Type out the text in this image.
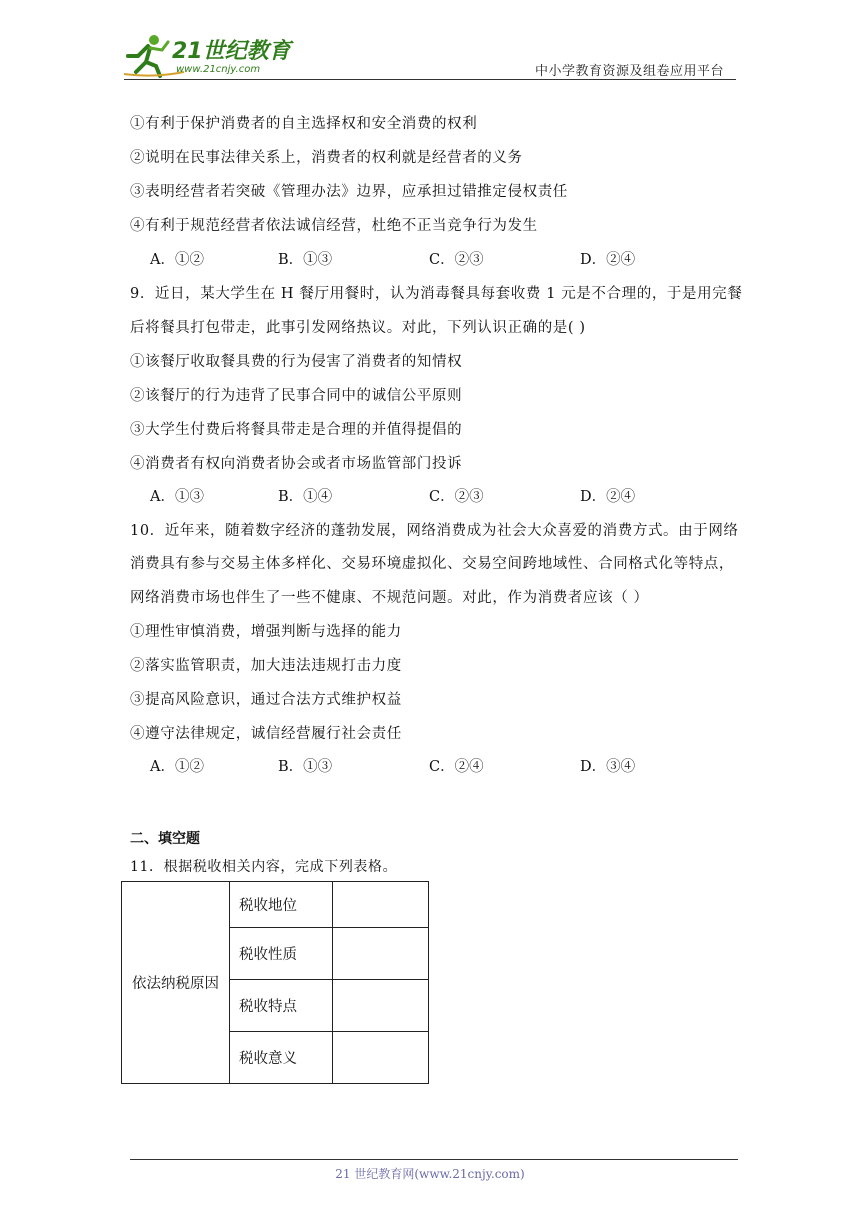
21世纪教育
www.21cnjy.com	中小学教育资源及组卷应用平台
①有利于保护消费者的自主选择权和安全消费的权利
②说明在民事法律关系上，消费者的权利就是经营者的义务
③表明经营者若突破《管理办法》边界，应承担过错推定侵权责任
④有利于规范经营者依法诚信经营，杜绝不正当竞争行为发生
A．①②	B．①③	C．②③	D．②④
9．近日，某大学生在 H 餐厅用餐时，认为消毒餐具每套收费 1 元是不合理的，于是用完餐
后将餐具打包带走，此事引发网络热议。对此，下列认识正确的是( )
①该餐厅收取餐具费的行为侵害了消费者的知情权
②该餐厅的行为违背了民事合同中的诚信公平原则
③大学生付费后将餐具带走是合理的并值得提倡的
④消费者有权向消费者协会或者市场监管部门投诉
A．①③	B．①④	C．②③	D．②④
10．近年来，随着数字经济的蓬勃发展，网络消费成为社会大众喜爱的消费方式。由于网络
消费具有参与交易主体多样化、交易环境虚拟化、交易空间跨地域性、合同格式化等特点，
网络消费市场也伴生了一些不健康、不规范问题。对此，作为消费者应该（ ）
①理性审慎消费，增强判断与选择的能力
②落实监管职责，加大违法违规打击力度
③提高风险意识，通过合法方式维护权益
④遵守法律规定，诚信经营履行社会责任
A．①②	B．①③	C．②④	D．③④
二、填空题
11．根据税收相关内容，完成下列表格。
依法纳税原因	税收地位	
	税收性质	
	税收特点	
	税收意义	
21 世纪教育网(www.21cnjy.com)
